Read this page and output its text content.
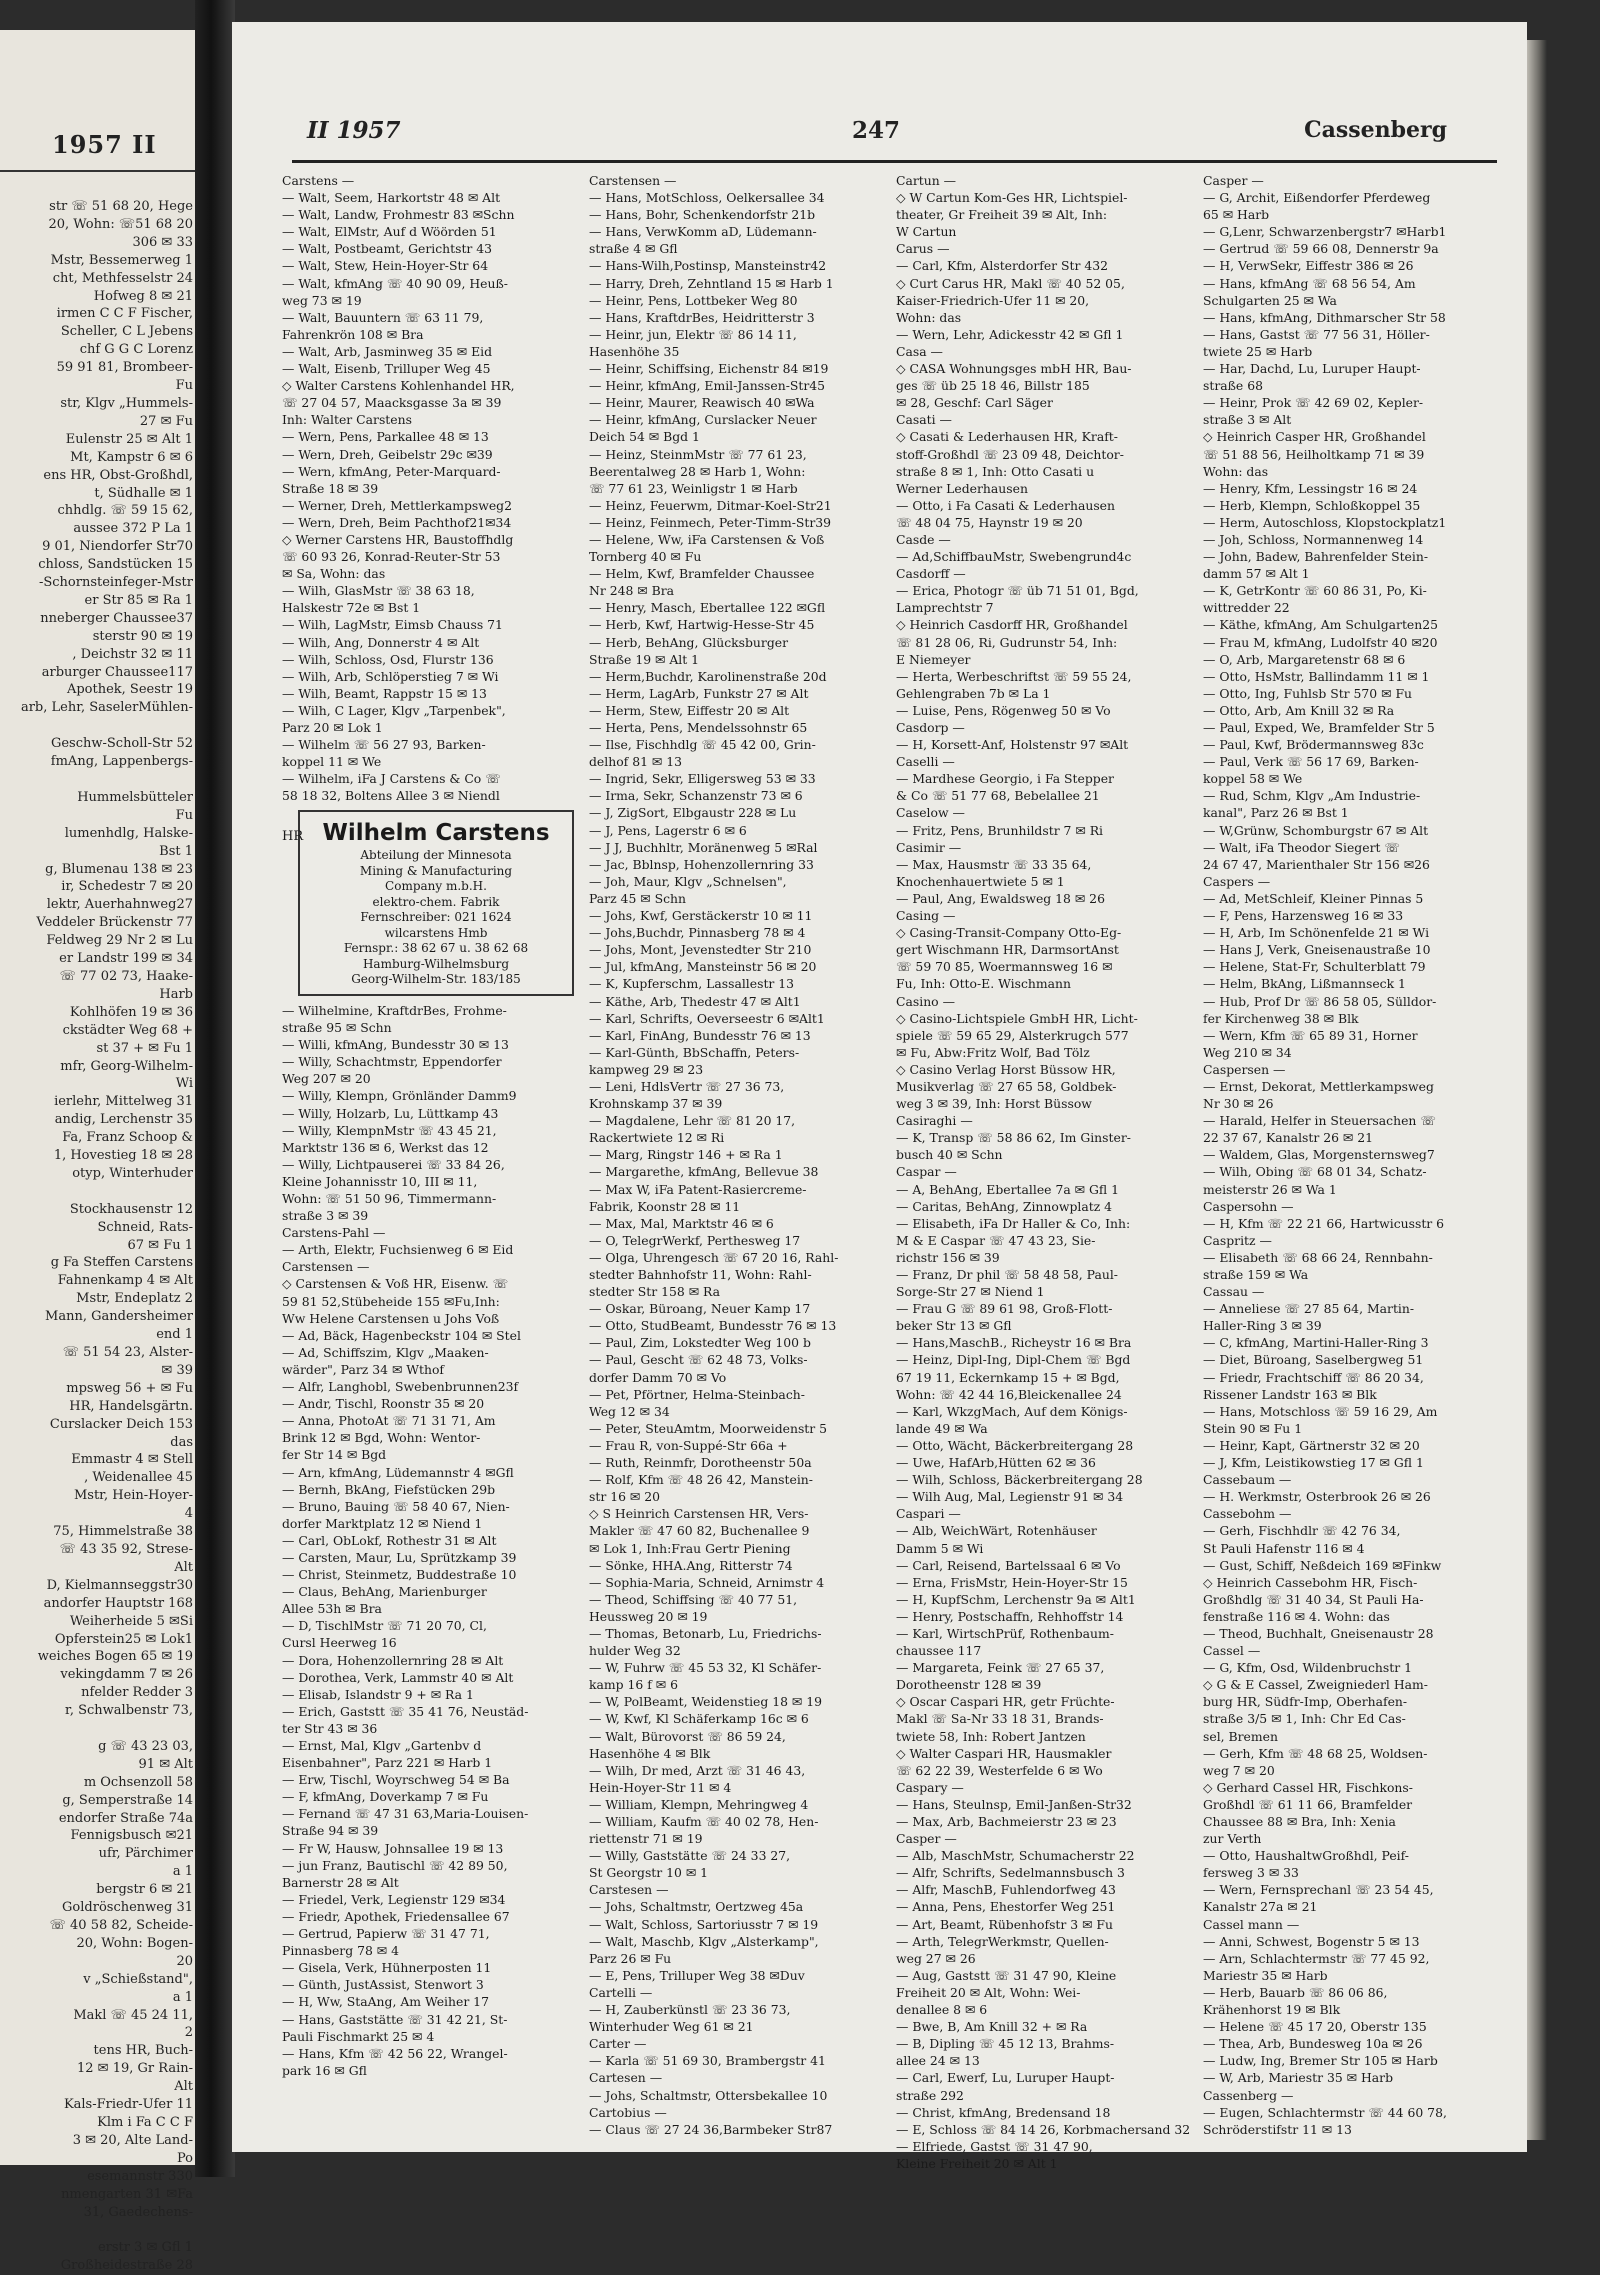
1957 II
str ☏ 51 68 20, Hege
20, Wohn: ☏51 68 20
306 ✉ 33
Mstr, Bessemerweg 1
cht, Methfesselstr 24
Hofweg 8 ✉ 21
irmen C C F Fischer,
Scheller, C L Jebens
chf G G C Lorenz
59 91 81, Brombeer-
Fu
str, Klgv „Hummels-
27 ✉ Fu
Eulenstr 25 ✉ Alt 1
Mt, Kampstr 6 ✉ 6
ens HR, Obst-Großhdl,
t, Südhalle ✉ 1
chhdlg. ☏ 59 15 62,
aussee 372 P La 1
9 01, Niendorfer Str70
chloss, Sandstücken 15
-Schornsteinfeger-Mstr
er Str 85 ✉ Ra 1
nneberger Chaussee37
sterstr 90 ✉ 19
, Deichstr 32 ✉ 11
arburger Chaussee117
Apothek, Seestr 19
arb, Lehr, SaselerMühlen-

Geschw-Scholl-Str 52
fmAng, Lappenbergs-

Hummelsbütteler
Fu
lumenhdlg, Halske-
Bst 1
g, Blumenau 138 ✉ 23
ir, Schedestr 7 ✉ 20
lektr, Auerhahnweg27
Veddeler Brückenstr 77
Feldweg 29 Nr 2 ✉ Lu
er Landstr 199 ✉ 34
☏ 77 02 73, Haake-
Harb
Kohlhöfen 19 ✉ 36
ckstädter Weg 68 +
st 37 + ✉ Fu 1
mfr, Georg-Wilhelm-
Wi
ierlehr, Mittelweg 31
andig, Lerchenstr 35
Fa, Franz Schoop &
1, Hovestieg 18 ✉ 28
otyp, Winterhuder

Stockhausenstr 12
Schneid, Rats-
67 ✉ Fu 1
g Fa Steffen Carstens
Fahnenkamp 4 ✉ Alt
Mstr, Endeplatz 2
Mann, Gandersheimer
end 1
☏ 51 54 23, Alster-
✉ 39
mpsweg 56 + ✉ Fu
HR, Handelsgärtn.
Curslacker Deich 153
das
Emmastr 4 ✉ Stell
, Weidenallee 45
Mstr, Hein-Hoyer-
4
75, Himmelstraße 38
☏ 43 35 92, Strese-
Alt
D, Kielmannseggstr30
andorfer Hauptstr 168
Weiherheide 5 ✉Si
Opferstein25 ✉ Lok1
weiches Bogen 65 ✉ 19
vekingdamm 7 ✉ 26
nfelder Redder 3
r, Schwalbenstr 73,

g ☏ 43 23 03,
91 ✉ Alt
m Ochsenzoll 58
g, Semperstraße 14
endorfer Straße 74a
Fennigsbusch ✉21
ufr, Pärchimer
a 1
bergstr 6 ✉ 21
Goldröschenweg 31
☏ 40 58 82, Scheide-
20, Wohn: Bogen-
20
v „Schießstand",
a 1
Makl ☏ 45 24 11,
2
tens HR, Buch-
12 ✉ 19, Gr Rain-
Alt
Kals-Friedr-Ufer 11
Klm i Fa C C F
3 ✉ 20, Alte Land-
Po
esemannstr 330
nmengarten 31 ✉Fa
31, Gaedechens-

erstr 3 ✉ Gfl 1
Großheidestraße 28
II 1957	247	Cassenberg
Carstens —
— Walt, Seem, Harkortstr 48 ✉ Alt
— Walt, Landw, Frohmestr 83 ✉Schn
— Walt, ElMstr, Auf d Wöörden 51
— Walt, Postbeamt, Gerichtstr 43
— Walt, Stew, Hein-Hoyer-Str 64
— Walt, kfmAng ☏ 40 90 09, Heuß-
weg 73 ✉ 19
— Walt, Bauuntern ☏ 63 11 79,
Fahrenkrön 108 ✉ Bra
— Walt, Arb, Jasminweg 35 ✉ Eid
— Walt, Eisenb, Trilluper Weg 45
◇ Walter Carstens Kohlenhandel HR,
☏ 27 04 57, Maacksgasse 3a ✉ 39
Inh: Walter Carstens
— Wern, Pens, Parkallee 48 ✉ 13
— Wern, Dreh, Geibelstr 29c ✉39
— Wern, kfmAng, Peter-Marquard-
Straße 18 ✉ 39
— Werner, Dreh, Mettlerkampsweg2
— Wern, Dreh, Beim Pachthof21✉34
◇ Werner Carstens HR, Baustoffhdlg
☏ 60 93 26, Konrad-Reuter-Str 53
✉ Sa, Wohn: das
— Wilh, GlasMstr ☏ 38 63 18,
Halskestr 72e ✉ Bst 1
— Wilh, LagMstr, Eimsb Chauss 71
— Wilh, Ang, Donnerstr 4 ✉ Alt
— Wilh, Schloss, Osd, Flurstr 136
— Wilh, Arb, Schlöperstieg 7 ✉ Wi
— Wilh, Beamt, Rappstr 15 ✉ 13
— Wilh, C Lager, Klgv „Tarpenbek",
Parz 20 ✉ Lok 1
— Wilhelm ☏ 56 27 93, Barken-
koppel 11 ✉ We
— Wilhelm, iFa J Carstens & Co ☏
58 18 32, Boltens Allee 3 ✉ Niendl
HR Wilhelm Carstens
Abteilung der Minnesota
Mining & Manufacturing
Company m.b.H.
elektro-chem. Fabrik
Fernschreiber: 021 1624
wilcarstens Hmb
Fernspr.: 38 62 67 u. 38 62 68
Hamburg-Wilhelmsburg
Georg-Wilhelm-Str. 183/185
— Wilhelmine, KraftdrBes, Frohme-
straße 95 ✉ Schn
— Willi, kfmAng, Bundesstr 30 ✉ 13
— Willy, Schachtmstr, Eppendorfer
Weg 207 ✉ 20
— Willy, Klempn, Grönländer Damm9
— Willy, Holzarb, Lu, Lüttkamp 43
— Willy, KlempnMstr ☏ 43 45 21,
Marktstr 136 ✉ 6, Werkst das 12
— Willy, Lichtpauserei ☏ 33 84 26,
Kleine Johannisstr 10, III ✉ 11,
Wohn: ☏ 51 50 96, Timmermann-
straße 3 ✉ 39
Carstens-Pahl —
— Arth, Elektr, Fuchsienweg 6 ✉ Eid
Carstensen —
◇ Carstensen & Voß HR, Eisenw. ☏
59 81 52,Stübeheide 155 ✉Fu,Inh:
Ww Helene Carstensen u Johs Voß
— Ad, Bäck, Hagenbeckstr 104 ✉ Stel
— Ad, Schiffszim, Klgv „Maaken-
wärder", Parz 34 ✉ Wthof
— Alfr, Langhobl, Swebenbrunnen23f
— Andr, Tischl, Roonstr 35 ✉ 20
— Anna, PhotoAt ☏ 71 31 71, Am
Brink 12 ✉ Bgd, Wohn: Wentor-
fer Str 14 ✉ Bgd
— Arn, kfmAng, Lüdemannstr 4 ✉Gfl
— Bernh, BkAng, Fiefstücken 29b
— Bruno, Bauing ☏ 58 40 67, Nien-
dorfer Marktplatz 12 ✉ Niend 1
— Carl, ObLokf, Rothestr 31 ✉ Alt
— Carsten, Maur, Lu, Sprützkamp 39
— Christ, Steinmetz, Buddestraße 10
— Claus, BehAng, Marienburger
Allee 53h ✉ Bra
— D, TischlMstr ☏ 71 20 70, Cl,
Cursl Heerweg 16
— Dora, Hohenzollernring 28 ✉ Alt
— Dorothea, Verk, Lammstr 40 ✉ Alt
— Elisab, Islandstr 9 + ✉ Ra 1
— Erich, Gaststt ☏ 35 41 76, Neustäd-
ter Str 43 ✉ 36
— Ernst, Mal, Klgv „Gartenbv d
Eisenbahner", Parz 221 ✉ Harb 1
— Erw, Tischl, Woyrschweg 54 ✉ Ba
— F, kfmAng, Doverkamp 7 ✉ Fu
— Fernand ☏ 47 31 63,Maria-Louisen-
Straße 94 ✉ 39
— Fr W, Hausw, Johnsallee 19 ✉ 13
— jun Franz, Bautischl ☏ 42 89 50,
Barnerstr 28 ✉ Alt
— Friedel, Verk, Legienstr 129 ✉34
— Friedr, Apothek, Friedensallee 67
— Gertrud, Papierw ☏ 31 47 71,
Pinnasberg 78 ✉ 4
— Gisela, Verk, Hühnerposten 11
— Günth, JustAssist, Stenwort 3
— H, Ww, StaAng, Am Weiher 17
— Hans, Gaststätte ☏ 31 42 21, St-
Pauli Fischmarkt 25 ✉ 4
— Hans, Kfm ☏ 42 56 22, Wrangel-
park 16 ✉ Gfl
Carstensen —
— Hans, MotSchloss, Oelkersallee 34
— Hans, Bohr, Schenkendorfstr 21b
— Hans, VerwKomm aD, Lüdemann-
straße 4 ✉ Gfl
— Hans-Wilh,Postinsp, Mansteinstr42
— Harry, Dreh, Zehntland 15 ✉ Harb 1
— Heinr, Pens, Lottbeker Weg 80
— Hans, KraftdrBes, Heidritterstr 3
— Heinr, jun, Elektr ☏ 86 14 11,
Hasenhöhe 35
— Heinr, Schiffsing, Eichenstr 84 ✉19
— Heinr, kfmAng, Emil-Janssen-Str45
— Heinr, Maurer, Reawisch 40 ✉Wa
— Heinr, kfmAng, Curslacker Neuer
Deich 54 ✉ Bgd 1
— Heinz, SteinmMstr ☏ 77 61 23,
Beerentalweg 28 ✉ Harb 1, Wohn:
☏ 77 61 23, Weinligstr 1 ✉ Harb
— Heinz, Feuerwm, Ditmar-Koel-Str21
— Heinz, Feinmech, Peter-Timm-Str39
— Helene, Ww, iFa Carstensen & Voß
Tornberg 40 ✉ Fu
— Helm, Kwf, Bramfelder Chaussee
Nr 248 ✉ Bra
— Henry, Masch, Ebertallee 122 ✉Gfl
— Herb, Kwf, Hartwig-Hesse-Str 45
— Herb, BehAng, Glücksburger
Straße 19 ✉ Alt 1
— Herm,Buchdr, Karolinenstraße 20d
— Herm, LagArb, Funkstr 27 ✉ Alt
— Herm, Stew, Eiffestr 20 ✉ Alt
— Herta, Pens, Mendelssohnstr 65
— Ilse, Fischhdlg ☏ 45 42 00, Grin-
delhof 81 ✉ 13
— Ingrid, Sekr, Elligersweg 53 ✉ 33
— Irma, Sekr, Schanzenstr 73 ✉ 6
— J, ZigSort, Elbgaustr 228 ✉ Lu
— J, Pens, Lagerstr 6 ✉ 6
— J J, Buchhltr, Moränenweg 5 ✉Ral
— Jac, Bblnsp, Hohenzollernring 33
— Joh, Maur, Klgv „Schnelsen",
Parz 45 ✉ Schn
— Johs, Kwf, Gerstäckerstr 10 ✉ 11
— Johs,Buchdr, Pinnasberg 78 ✉ 4
— Johs, Mont, Jevenstedter Str 210
— Jul, kfmAng, Mansteinstr 56 ✉ 20
— K, Kupferschm, Lassallestr 13
— Käthe, Arb, Thedestr 47 ✉ Alt1
— Karl, Schrifts, Oeverseestr 6 ✉Alt1
— Karl, FinAng, Bundesstr 76 ✉ 13
— Karl-Günth, BbSchaffn, Peters-
kampweg 29 ✉ 23
— Leni, HdlsVertr ☏ 27 36 73,
Krohnskamp 37 ✉ 39
— Magdalene, Lehr ☏ 81 20 17,
Rackertwiete 12 ✉ Ri
— Marg, Ringstr 146 + ✉ Ra 1
— Margarethe, kfmAng, Bellevue 38
— Max W, iFa Patent-Rasiercreme-
Fabrik, Koonstr 28 ✉ 11
— Max, Mal, Marktstr 46 ✉ 6
— O, TelegrWerkf, Perthesweg 17
— Olga, Uhrengesch ☏ 67 20 16, Rahl-
stedter Bahnhofstr 11, Wohn: Rahl-
stedter Str 158 ✉ Ra
— Oskar, Büroang, Neuer Kamp 17
— Otto, StudBeamt, Bundesstr 76 ✉ 13
— Paul, Zim, Lokstedter Weg 100 b
— Paul, Gescht ☏ 62 48 73, Volks-
dorfer Damm 70 ✉ Vo
— Pet, Pförtner, Helma-Steinbach-
Weg 12 ✉ 34
— Peter, SteuAmtm, Moorweidenstr 5
— Frau R, von-Suppé-Str 66a +
— Ruth, Reinmfr, Dorotheenstr 50a
— Rolf, Kfm ☏ 48 26 42, Manstein-
str 16 ✉ 20
◇ S Heinrich Carstensen HR, Vers-
Makler ☏ 47 60 82, Buchenallee 9
✉ Lok 1, Inh:Frau Gertr Piening
— Sönke, HHA.Ang, Ritterstr 74
— Sophia-Maria, Schneid, Arnimstr 4
— Theod, Schiffsing ☏ 40 77 51,
Heussweg 20 ✉ 19
— Thomas, Betonarb, Lu, Friedrichs-
hulder Weg 32
— W, Fuhrw ☏ 45 53 32, Kl Schäfer-
kamp 16 f ✉ 6
— W, PolBeamt, Weidenstieg 18 ✉ 19
— W, Kwf, Kl Schäferkamp 16c ✉ 6
— Walt, Bürovorst ☏ 86 59 24,
Hasenhöhe 4 ✉ Blk
— Wilh, Dr med, Arzt ☏ 31 46 43,
Hein-Hoyer-Str 11 ✉ 4
— William, Klempn, Mehringweg 4
— William, Kaufm ☏ 40 02 78, Hen-
riettenstr 71 ✉ 19
— Willy, Gaststätte ☏ 24 33 27,
St Georgstr 10 ✉ 1
Carstesen —
— Johs, Schaltmstr, Oertzweg 45a
— Walt, Schloss, Sartoriusstr 7 ✉ 19
— Walt, Maschb, Klgv „Alsterkamp",
Parz 26 ✉ Fu
— E, Pens, Trilluper Weg 38 ✉Duv
Cartelli —
— H, Zauberkünstl ☏ 23 36 73,
Winterhuder Weg 61 ✉ 21
Carter —
— Karla ☏ 51 69 30, Brambergstr 41
Cartesen —
— Johs, Schaltmstr, Ottersbekallee 10
Cartobius —
— Claus ☏ 27 24 36,Barmbeker Str87
Cartun —
◇ W Cartun Kom-Ges HR, Lichtspiel-
theater, Gr Freiheit 39 ✉ Alt, Inh:
W Cartun
Carus —
— Carl, Kfm, Alsterdorfer Str 432
◇ Curt Carus HR, Makl ☏ 40 52 05,
Kaiser-Friedrich-Ufer 11 ✉ 20,
Wohn: das
— Wern, Lehr, Adickesstr 42 ✉ Gfl 1
Casa —
◇ CASA Wohnungsges mbH HR, Bau-
ges ☏ üb 25 18 46, Billstr 185
✉ 28, Geschf: Carl Säger
Casati —
◇ Casati & Lederhausen HR, Kraft-
stoff-Großhdl ☏ 23 09 48, Deichtor-
straße 8 ✉ 1, Inh: Otto Casati u
Werner Lederhausen
— Otto, i Fa Casati & Lederhausen
☏ 48 04 75, Haynstr 19 ✉ 20
Casde —
— Ad,SchiffbauMstr, Swebengrund4c
Casdorff —
— Erica, Photogr ☏ üb 71 51 01, Bgd,
Lamprechtstr 7
◇ Heinrich Casdorff HR, Großhandel
☏ 81 28 06, Ri, Gudrunstr 54, Inh:
E Niemeyer
— Herta, Werbeschriftst ☏ 59 55 24,
Gehlengraben 7b ✉ La 1
— Luise, Pens, Rögenweg 50 ✉ Vo
Casdorp —
— H, Korsett-Anf, Holstenstr 97 ✉Alt
Caselli —
— Mardhese Georgio, i Fa Stepper
& Co ☏ 51 77 68, Bebelallee 21
Caselow —
— Fritz, Pens, Brunhildstr 7 ✉ Ri
Casimir —
— Max, Hausmstr ☏ 33 35 64,
Knochenhauertwiete 5 ✉ 1
— Paul, Ang, Ewaldsweg 18 ✉ 26
Casing —
◇ Casing-Transit-Company Otto-Eg-
gert Wischmann HR, DarmsortAnst
☏ 59 70 85, Woermannsweg 16 ✉
Fu, Inh: Otto-E. Wischmann
Casino —
◇ Casino-Lichtspiele GmbH HR, Licht-
spiele ☏ 59 65 29, Alsterkrugch 577
✉ Fu, Abw:Fritz Wolf, Bad Tölz
◇ Casino Verlag Horst Büssow HR,
Musikverlag ☏ 27 65 58, Goldbek-
weg 3 ✉ 39, Inh: Horst Büssow
Casiraghi —
— K, Transp ☏ 58 86 62, Im Ginster-
busch 40 ✉ Schn
Caspar —
— A, BehAng, Ebertallee 7a ✉ Gfl 1
— Caritas, BehAng, Zinnowplatz 4
— Elisabeth, iFa Dr Haller & Co, Inh:
M & E Caspar ☏ 47 43 23, Sie-
richstr 156 ✉ 39
— Franz, Dr phil ☏ 58 48 58, Paul-
Sorge-Str 27 ✉ Niend 1
— Frau G ☏ 89 61 98, Groß-Flott-
beker Str 13 ✉ Gfl
— Hans,MaschB., Richeystr 16 ✉ Bra
— Heinz, Dipl-Ing, Dipl-Chem ☏ Bgd
67 19 11, Eckernkamp 15 + ✉ Bgd,
Wohn: ☏ 42 44 16,Bleickenallee 24
— Karl, WkzgMach, Auf dem Königs-
lande 49 ✉ Wa
— Otto, Wächt, Bäckerbreitergang 28
— Uwe, HafArb,Hütten 62 ✉ 36
— Wilh, Schloss, Bäckerbreitergang 28
— Wilh Aug, Mal, Legienstr 91 ✉ 34
Caspari —
— Alb, WeichWärt, Rotenhäuser
Damm 5 ✉ Wi
— Carl, Reisend, Bartelssaal 6 ✉ Vo
— Erna, FrisMstr, Hein-Hoyer-Str 15
— H, KupfSchm, Lerchenstr 9a ✉ Alt1
— Henry, Postschaffn, Rehhoffstr 14
— Karl, WirtschPrüf, Rothenbaum-
chaussee 117
— Margareta, Feink ☏ 27 65 37,
Dorotheenstr 128 ✉ 39
◇ Oscar Caspari HR, getr Früchte-
Makl ☏ Sa-Nr 33 18 31, Brands-
twiete 58, Inh: Robert Jantzen
◇ Walter Caspari HR, Hausmakler
☏ 62 22 39, Westerfelde 6 ✉ Wo
Caspary —
— Hans, Steulnsp, Emil-Janßen-Str32
— Max, Arb, Bachmeierstr 23 ✉ 23
Casper —
— Alb, MaschMstr, Schumacherstr 22
— Alfr, Schrifts, Sedelmannsbusch 3
— Alfr, MaschB, Fuhlendorfweg 43
— Anna, Pens, Ehestorfer Weg 251
— Art, Beamt, Rübenhofstr 3 ✉ Fu
— Arth, TelegrWerkmstr, Quellen-
weg 27 ✉ 26
— Aug, Gaststt ☏ 31 47 90, Kleine
Freiheit 20 ✉ Alt, Wohn: Wei-
denallee 8 ✉ 6
— Bwe, B, Am Knill 32 + ✉ Ra
— B, Dipling ☏ 45 12 13, Brahms-
allee 24 ✉ 13
— Carl, Ewerf, Lu, Luruper Haupt-
straße 292
— Christ, kfmAng, Bredensand 18
— E, Schloss ☏ 84 14 26, Korbmachersand 32
— Elfriede, Gastst ☏ 31 47 90,
Kleine Freiheit 20 ✉ Alt 1
Casper —
— G, Archit, Eißendorfer Pferdeweg
65 ✉ Harb
— G,Lenr, Schwarzenbergstr7 ✉Harb1
— Gertrud ☏ 59 66 08, Dennerstr 9a
— H, VerwSekr, Eiffestr 386 ✉ 26
— Hans, kfmAng ☏ 68 56 54, Am
Schulgarten 25 ✉ Wa
— Hans, kfmAng, Dithmarscher Str 58
— Hans, Gastst ☏ 77 56 31, Höller-
twiete 25 ✉ Harb
— Har, Dachd, Lu, Luruper Haupt-
straße 68
— Heinr, Prok ☏ 42 69 02, Kepler-
straße 3 ✉ Alt
◇ Heinrich Casper HR, Großhandel
☏ 51 88 56, Heilholtkamp 71 ✉ 39
Wohn: das
— Henry, Kfm, Lessingstr 16 ✉ 24
— Herb, Klempn, Schloßkoppel 35
— Herm, Autoschloss, Klopstockplatz1
— Joh, Schloss, Normannenweg 14
— John, Badew, Bahrenfelder Stein-
damm 57 ✉ Alt 1
— K, GetrKontr ☏ 60 86 31, Po, Ki-
wittredder 22
— Käthe, kfmAng, Am Schulgarten25
— Frau M, kfmAng, Ludolfstr 40 ✉20
— O, Arb, Margaretenstr 68 ✉ 6
— Otto, HsMstr, Ballindamm 11 ✉ 1
— Otto, Ing, Fuhlsb Str 570 ✉ Fu
— Otto, Arb, Am Knill 32 ✉ Ra
— Paul, Exped, We, Bramfelder Str 5
— Paul, Kwf, Brödermannsweg 83c
— Paul, Verk ☏ 56 17 69, Barken-
koppel 58 ✉ We
— Rud, Schm, Klgv „Am Industrie-
kanal", Parz 26 ✉ Bst 1
— W,Grünw, Schomburgstr 67 ✉ Alt
— Walt, iFa Theodor Siegert ☏
24 67 47, Marienthaler Str 156 ✉26
Caspers —
— Ad, MetSchleif, Kleiner Pinnas 5
— F, Pens, Harzensweg 16 ✉ 33
— H, Arb, Im Schönenfelde 21 ✉ Wi
— Hans J, Verk, Gneisenaustraße 10
— Helene, Stat-Fr, Schulterblatt 79
— Helm, BkAng, Lißmannseck 1
— Hub, Prof Dr ☏ 86 58 05, Sülldor-
fer Kirchenweg 38 ✉ Blk
— Wern, Kfm ☏ 65 89 31, Horner
Weg 210 ✉ 34
Caspersen —
— Ernst, Dekorat, Mettlerkampsweg
Nr 30 ✉ 26
— Harald, Helfer in Steuersachen ☏
22 37 67, Kanalstr 26 ✉ 21
— Waldem, Glas, Morgensternsweg7
— Wilh, Obing ☏ 68 01 34, Schatz-
meisterstr 26 ✉ Wa 1
Caspersohn —
— H, Kfm ☏ 22 21 66, Hartwicusstr 6
Caspritz —
— Elisabeth ☏ 68 66 24, Rennbahn-
straße 159 ✉ Wa
Cassau —
— Anneliese ☏ 27 85 64, Martin-
Haller-Ring 3 ✉ 39
— C, kfmAng, Martini-Haller-Ring 3
— Diet, Büroang, Saselbergweg 51
— Friedr, Frachtschiff ☏ 86 20 34,
Rissener Landstr 163 ✉ Blk
— Hans, Motschloss ☏ 59 16 29, Am
Stein 90 ✉ Fu 1
— Heinr, Kapt, Gärtnerstr 32 ✉ 20
— J, Kfm, Leistikowstieg 17 ✉ Gfl 1
Cassebaum —
— H. Werkmstr, Osterbrook 26 ✉ 26
Cassebohm —
— Gerh, Fischhdlr ☏ 42 76 34,
St Pauli Hafenstr 116 ✉ 4
— Gust, Schiff, Neßdeich 169 ✉Finkw
◇ Heinrich Cassebohm HR, Fisch-
Großhdlg ☏ 31 40 34, St Pauli Ha-
fenstraße 116 ✉ 4. Wohn: das
— Theod, Buchhalt, Gneisenaustr 28
Cassel —
— G, Kfm, Osd, Wildenbruchstr 1
◇ G & E Cassel, Zweigniederl Ham-
burg HR, Südfr-Imp, Oberhafen-
straße 3/5 ✉ 1, Inh: Chr Ed Cas-
sel, Bremen
— Gerh, Kfm ☏ 48 68 25, Woldsen-
weg 7 ✉ 20
◇ Gerhard Cassel HR, Fischkons-
Großhdl ☏ 61 11 66, Bramfelder
Chaussee 88 ✉ Bra, Inh: Xenia
zur Verth
— Otto, HaushaltwGroßhdl, Peif-
fersweg 3 ✉ 33
— Wern, Fernsprechanl ☏ 23 54 45,
Kanalstr 27a ✉ 21
Cassel mann —
— Anni, Schwest, Bogenstr 5 ✉ 13
— Arn, Schlachtermstr ☏ 77 45 92,
Mariestr 35 ✉ Harb
— Herb, Bauarb ☏ 86 06 86,
Krähenhorst 19 ✉ Blk
— Helene ☏ 45 17 20, Oberstr 135
— Thea, Arb, Bundesweg 10a ✉ 26
— Ludw, Ing, Bremer Str 105 ✉ Harb
— W, Arb, Mariestr 35 ✉ Harb
Cassenberg —
— Eugen, Schlachtermstr ☏ 44 60 78,
Schröderstifstr 11 ✉ 13
